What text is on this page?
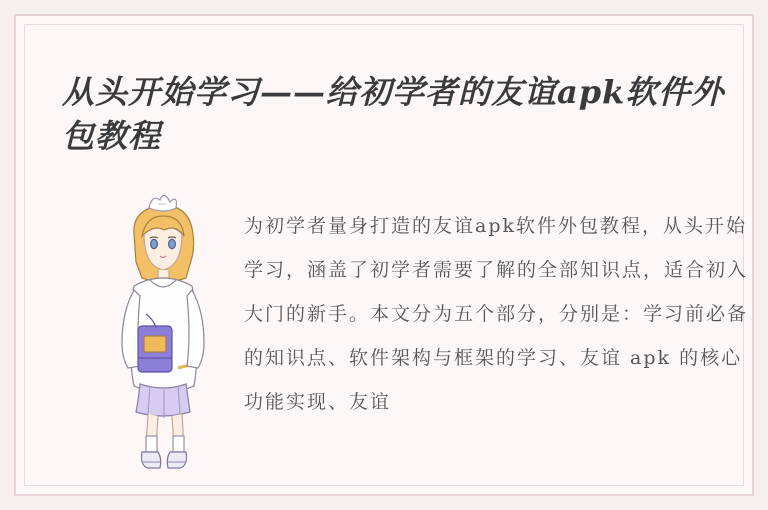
从头开始学习——给初学者的友谊apk软件外包教程
为初学者量身打造的友谊apk软件外包教程，从头开始学习，涵盖了初学者需要了解的全部知识点，适合初入大门的新手。本文分为五个部分，分别是：学习前必备的知识点、软件架构与框架的学习、友谊 apk 的核心功能实现、友谊
